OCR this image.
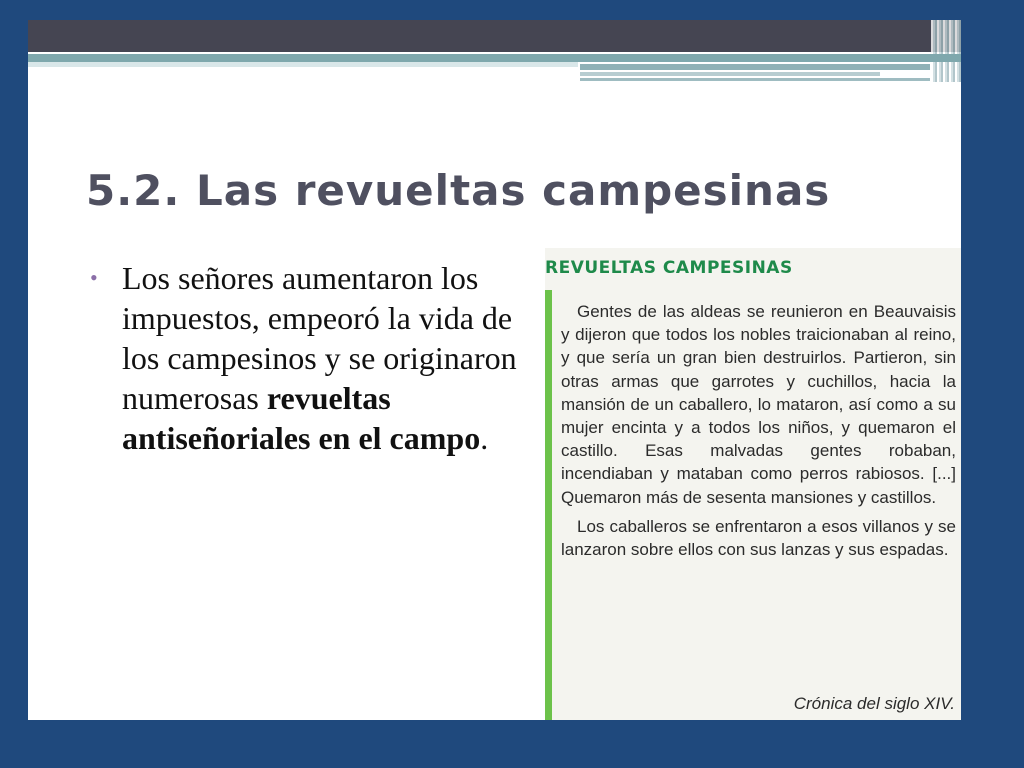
5.2. Las revueltas campesinas
• Los señores aumentaron los impuestos, empeoró la vida de los campesinos y se originaron numerosas revueltas antiseñoriales en el campo.
REVUELTAS CAMPESINAS

Gentes de las aldeas se reunieron en Beauvaisis y dijeron que todos los nobles traicionaban al reino, y que sería un gran bien destruirlos. Partieron, sin otras armas que garrotes y cuchillos, hacia la mansión de un caballero, lo mataron, así como a su mujer encinta y a todos los niños, y quemaron el castillo. Esas malvadas gentes robaban, incendiaban y mataban como perros rabiosos. [...] Quemaron más de sesenta mansiones y castillos.

Los caballeros se enfrentaron a esos villanos y se lanzaron sobre ellos con sus lanzas y sus espadas.

Crónica del siglo XIV.
